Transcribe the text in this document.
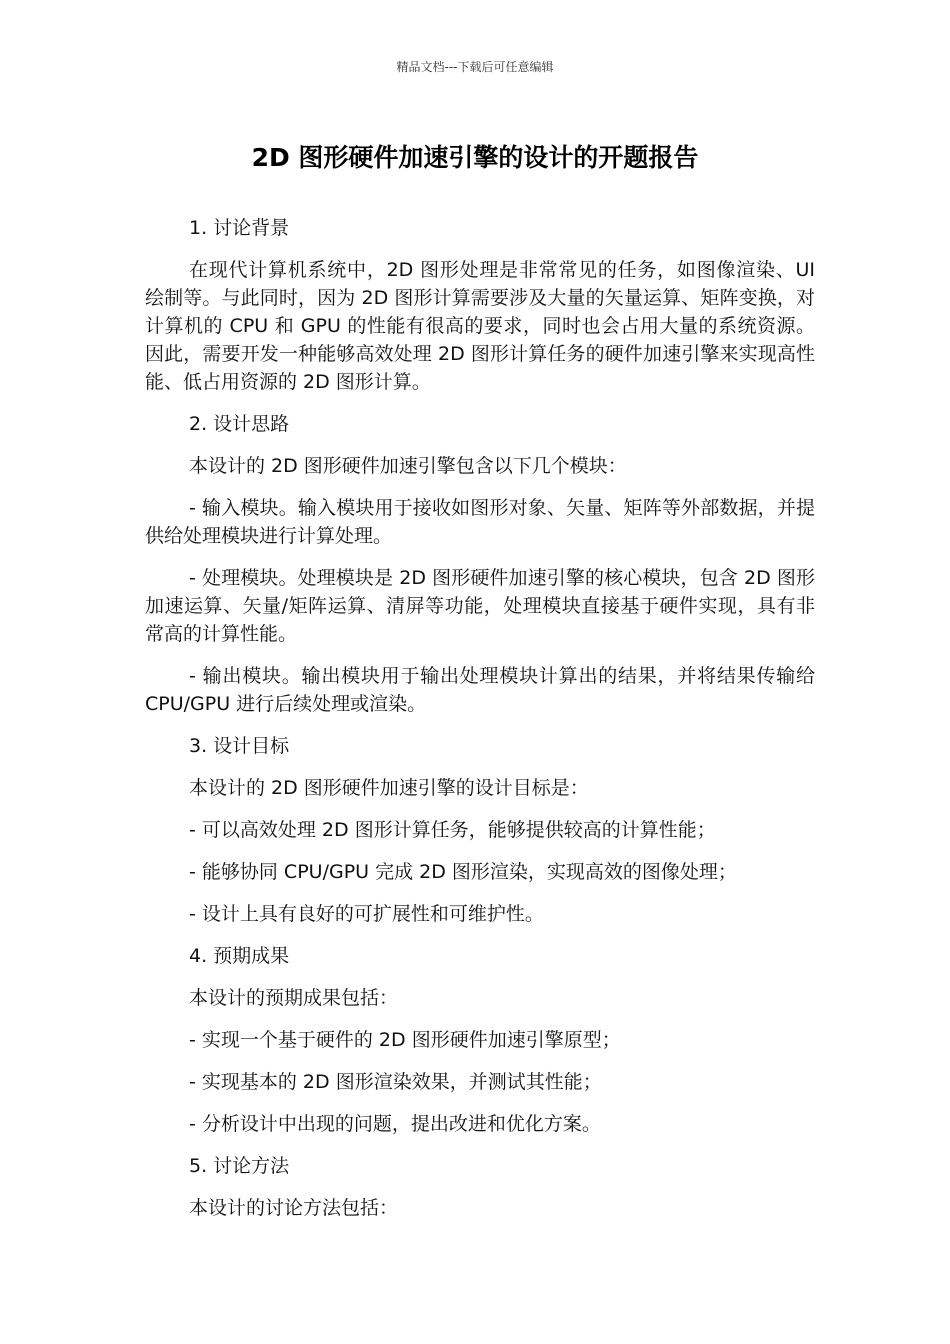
精品文档---下载后可任意编辑
2D 图形硬件加速引擎的设计的开题报告

1. 讨论背景

在现代计算机系统中，2D 图形处理是非常常见的任务，如图像渲染、UI 绘制等。与此同时，因为 2D 图形计算需要涉及大量的矢量运算、矩阵变换，对计算机的 CPU 和 GPU 的性能有很高的要求，同时也会占用大量的系统资源。因此，需要开发一种能够高效处理 2D 图形计算任务的硬件加速引擎来实现高性能、低占用资源的 2D 图形计算。

2. 设计思路

本设计的 2D 图形硬件加速引擎包含以下几个模块：

- 输入模块。输入模块用于接收如图形对象、矢量、矩阵等外部数据，并提供给处理模块进行计算处理。

- 处理模块。处理模块是 2D 图形硬件加速引擎的核心模块，包含 2D 图形加速运算、矢量/矩阵运算、清屏等功能，处理模块直接基于硬件实现，具有非常高的计算性能。

- 输出模块。输出模块用于输出处理模块计算出的结果，并将结果传输给 CPU/GPU 进行后续处理或渲染。

3. 设计目标

本设计的 2D 图形硬件加速引擎的设计目标是：

- 可以高效处理 2D 图形计算任务，能够提供较高的计算性能；

- 能够协同 CPU/GPU 完成 2D 图形渲染，实现高效的图像处理；

- 设计上具有良好的可扩展性和可维护性。

4. 预期成果

本设计的预期成果包括：

- 实现一个基于硬件的 2D 图形硬件加速引擎原型；

- 实现基本的 2D 图形渲染效果，并测试其性能；

- 分析设计中出现的问题，提出改进和优化方案。

5. 讨论方法

本设计的讨论方法包括：
